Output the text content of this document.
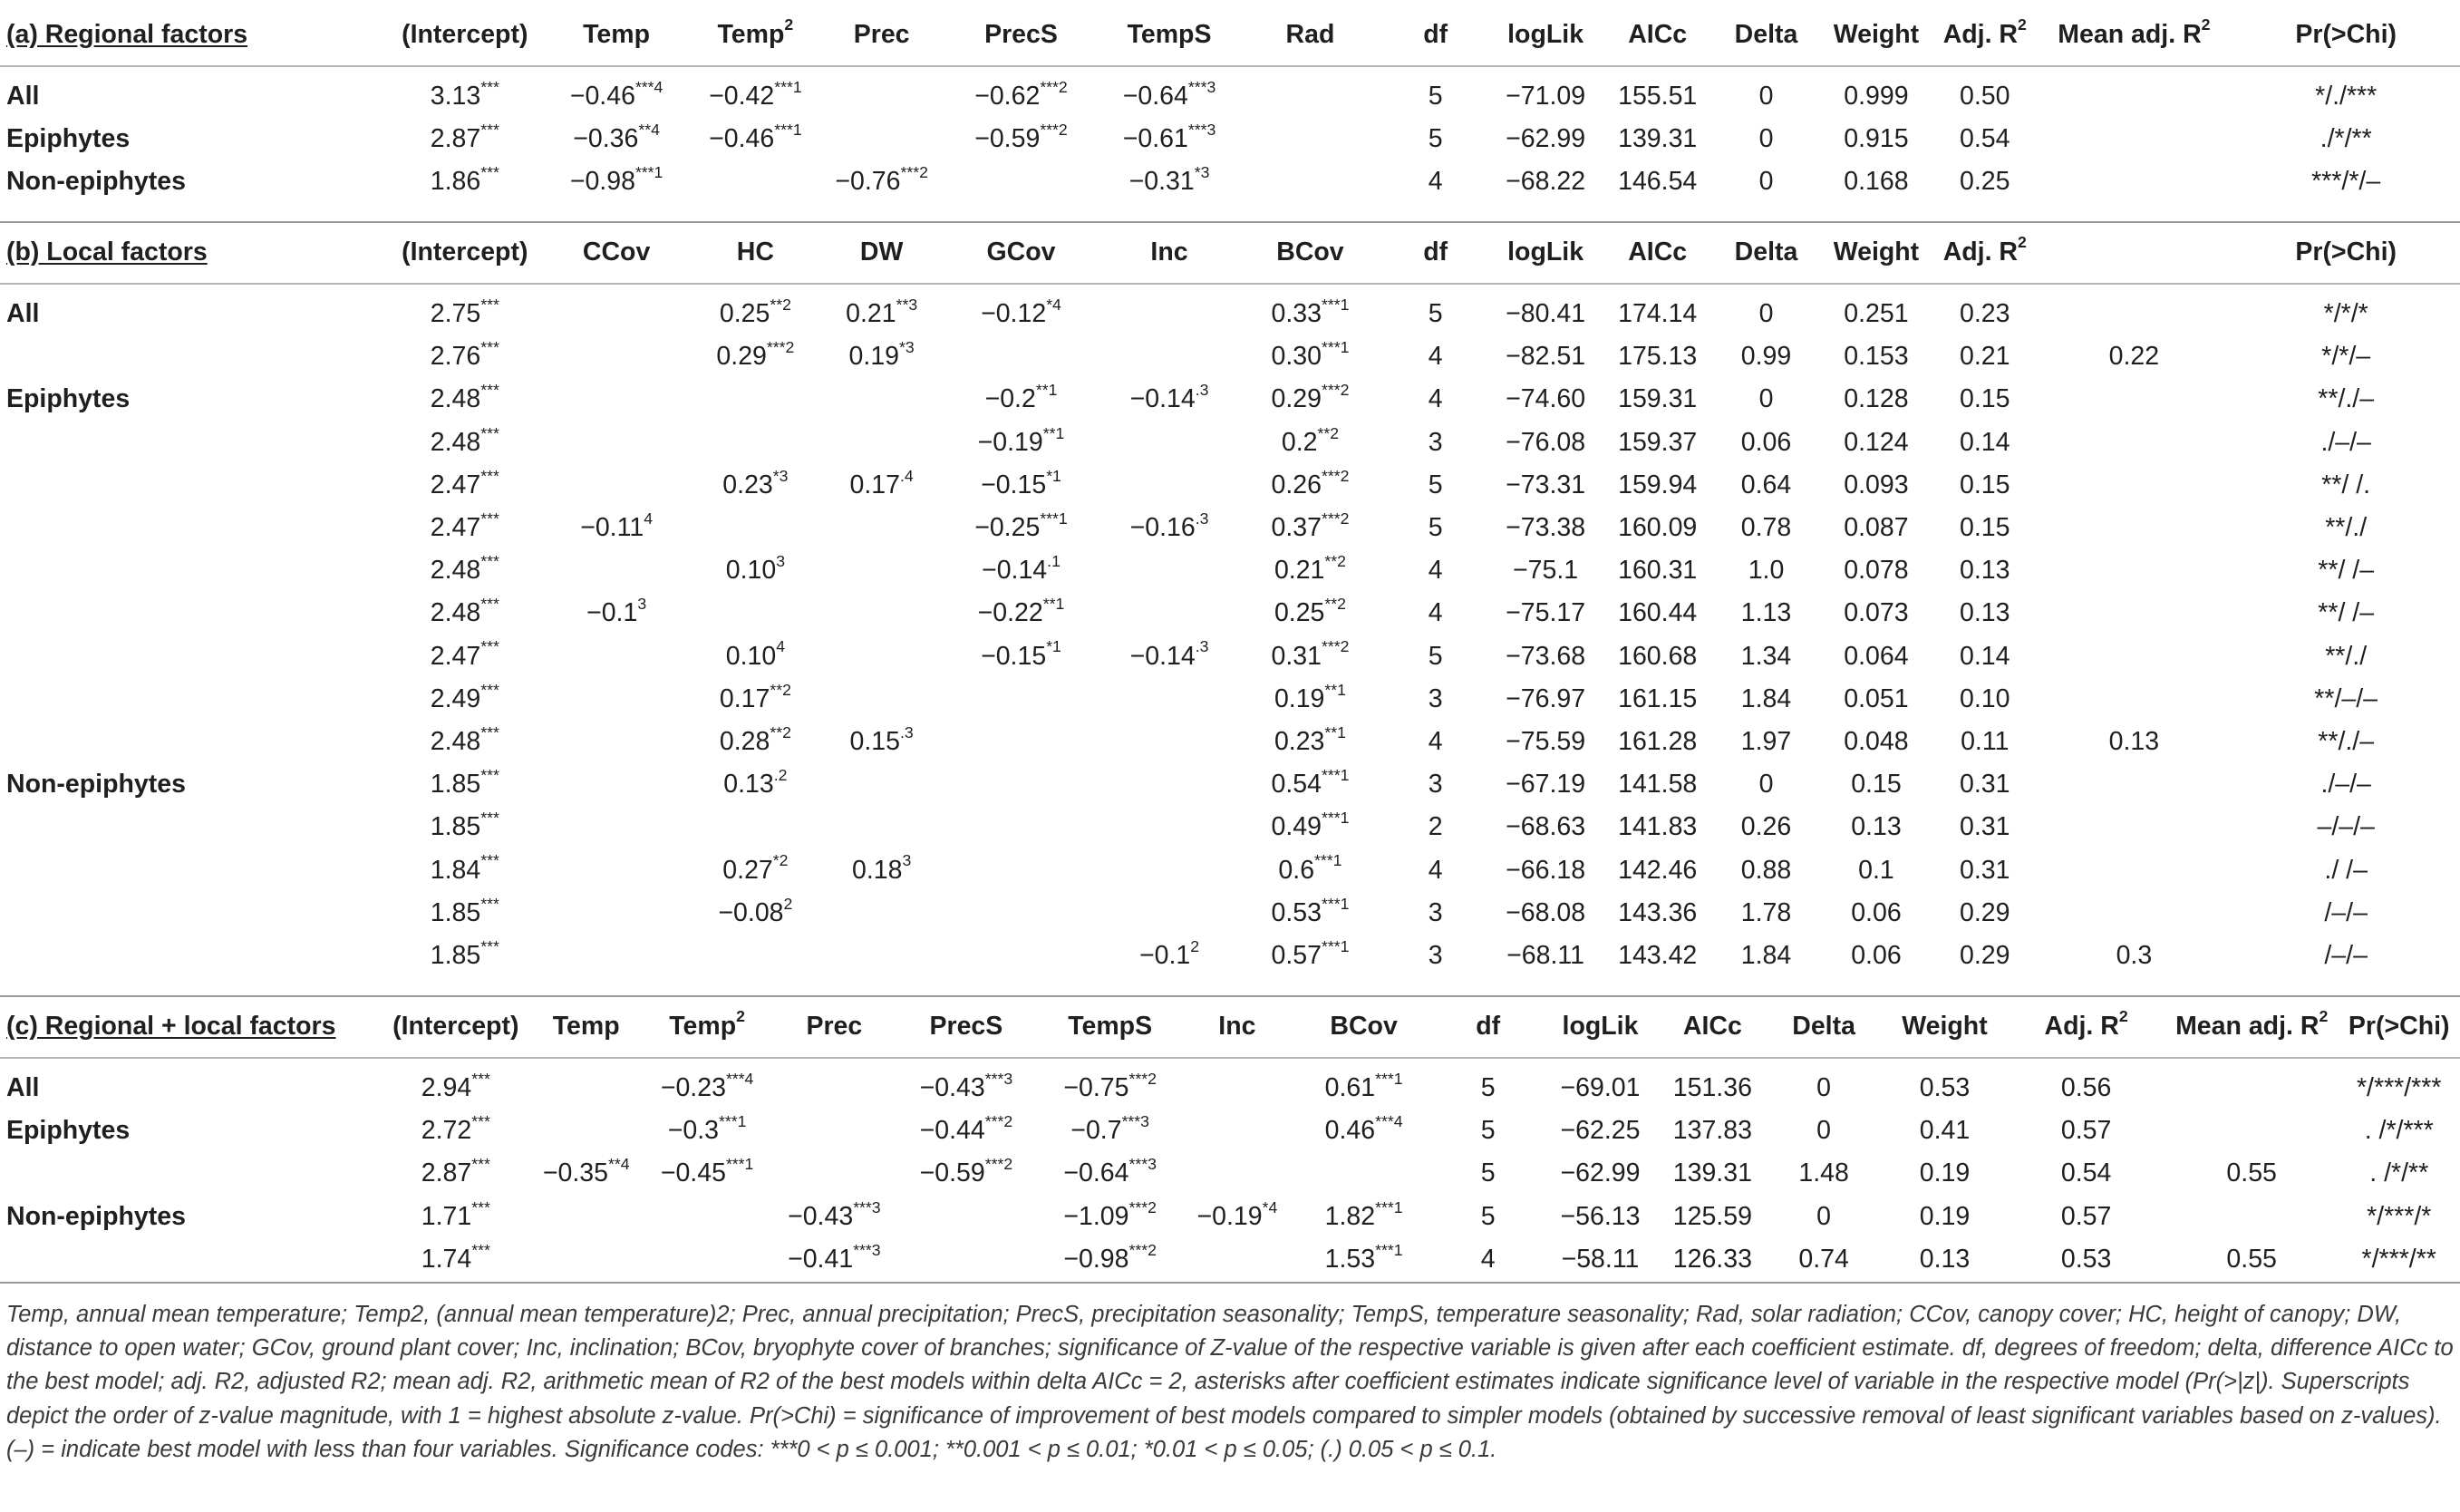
(a) Regional factors	(Intercept)	Temp	Temp$^2$	Prec	PrecS	TempS	Rad	df	logLik	AICc	Delta	Weight	Adj. $R^2$	Mean adj. $R^2$	Pr(>Chi)
All	3.13***	$-0.46^{***4}$	$-0.42^{***1}$		$-0.62^{***2}$	$-0.64^{***3}$		5	−71.09	155.51	0	0.999	0.50		*/./***
Epiphytes	2.87***	$-0.36^{**4}$	$-0.46^{***1}$		$-0.59^{***2}$	$-0.61^{***3}$		5	−62.99	139.31	0	0.915	0.54		./*/**
Non-epiphytes	1.86***	$-0.98^{***1}$		$-0.76^{***2}$		$-0.31^{*3}$		4	−68.22	146.54	0	0.168	0.25		***/*/–
(b) Local factors	(Intercept)	CCov	HC	DW	GCov	Inc	BCov	df	logLik	AICc	Delta	Weight	Adj. $R^2$		Pr(>Chi)
All	2.75***		0.25$^{**2}$	$0.21^{**3}$	$-0.12^{*4}$		0.33$^{***1}$	5	−80.41	174.14	0	0.251	0.23		*/*/*
	2.76***		0.29$^{***2}$	0.19$^{*3}$			0.30$^{***1}$	4	−82.51	175.13	0.99	0.153	0.21	0.22	*/*/–
Epiphytes	2.48***				$-0.2^{**1}$	$-0.14^{.3}$	0.29$^{***2}$	4	−74.60	159.31	0	0.128	0.15		**/./–
	2.48***				$-0.19^{**1}$		0.2$^{**2}$	3	−76.08	159.37	0.06	0.124	0.14		./–/–
	2.47***		0.23$^{*3}$	$0.17^{.4}$	$-0.15^{*1}$		0.26$^{***2}$	5	−73.31	159.94	0.64	0.093	0.15		**/ /.
	2.47***	$-0.11^4$			$-0.25^{***1}$	$-0.16^{.3}$	0.37$^{***2}$	5	−73.38	160.09	0.78	0.087	0.15		**/./
	2.48***		0.10$^3$		$-0.14^{.1}$		0.21$^{**2}$	4	−75.1	160.31	1.0	0.078	0.13		**/ /–
	2.48***	$-0.1^3$			$-0.22^{**1}$		0.25$^{**2}$	4	−75.17	160.44	1.13	0.073	0.13		**/ /–
	2.47***		0.10$^4$		$-0.15^{*1}$	$-0.14^{.3}$	0.31$^{***2}$	5	−73.68	160.68	1.34	0.064	0.14		**/./
	2.49***		0.17$^{**2}$				0.19$^{**1}$	3	−76.97	161.15	1.84	0.051	0.10		**/–/–
	2.48***		0.28$^{**2}$	$0.15^{.3}$			0.23$^{**1}$	4	−75.59	161.28	1.97	0.048	0.11	0.13	**/./–
Non-epiphytes	1.85***		$0.13^{.2}$				0.54$^{***1}$	3	−67.19	141.58	0	0.15	0.31		./–/–
	1.85***						0.49$^{***1}$	2	−68.63	141.83	0.26	0.13	0.31		–/–/–
	1.84***		0.27$^{*2}$	0.18$^3$			0.6$^{***1}$	4	−66.18	142.46	0.88	0.1	0.31		./ /–
	1.85***		$-0.08^2$				0.53$^{***1}$	3	−68.08	143.36	1.78	0.06	0.29		/–/–
	1.85***					$-0.1^2$	0.57$^{***1}$	3	−68.11	143.42	1.84	0.06	0.29	0.3	/–/–
(c) Regional + local factors	(Intercept)	Temp	Temp$^2$	Prec	PrecS	TempS	Inc	BCov	df	logLik	AICc	Delta	Weight	Adj. $R^2$	Mean adj. $R^2$	Pr(>Chi)
All	2.94***		$-0.23^{***4}$		$-0.43^{***3}$	$-0.75^{***2}$		0.61$^{***1}$	5	−69.01	151.36	0	0.53	0.56		*/***/***
Epiphytes	2.72***		$-0.3^{***1}$		$-0.44^{***2}$	$-0.7^{***3}$		0.46$^{***4}$	5	−62.25	137.83	0	0.41	0.57		. /*/***
	2.87***	$-0.35^{**4}$	$-0.45^{***1}$		$-0.59^{***2}$	$-0.64^{***3}$			5	−62.99	139.31	1.48	0.19	0.54	0.55	. /*/**
Non-epiphytes	1.71***			$-0.43^{***3}$		$-1.09^{***2}$	$-0.19^{*4}$	1.82$^{***1}$	5	−56.13	125.59	0	0.19	0.57		*/***/*
	1.74***			$-0.41^{***3}$		$-0.98^{***2}$		1.53$^{***1}$	4	−58.11	126.33	0.74	0.13	0.53	0.55	*/***/**
Temp, annual mean temperature; Temp2, (annual mean temperature)2; Prec, annual precipitation; PrecS, precipitation seasonality; TempS, temperature seasonality; Rad, solar radiation; CCov, canopy cover; HC, height of canopy; DW, distance to open water; GCov, ground plant cover; Inc, inclination; BCov, bryophyte cover of branches; significance of Z-value of the respective variable is given after each coefficient estimate. df, degrees of freedom; delta, difference AICc to the best model; adj. R2, adjusted R2; mean adj. R2, arithmetic mean of R2 of the best models within delta AICc = 2, asterisks after coefficient estimates indicate significance level of variable in the respective model (Pr(>|z|). Superscripts depict the order of z-value magnitude, with 1 = highest absolute z-value. Pr(>Chi) = significance of improvement of best models compared to simpler models (obtained by successive removal of least significant variables based on z-values). (–) = indicate best model with less than four variables. Significance codes: ***0 < p ≤ 0.001; **0.001 < p ≤ 0.01; *0.01 < p ≤ 0.05; (.) 0.05 < p ≤ 0.1.
